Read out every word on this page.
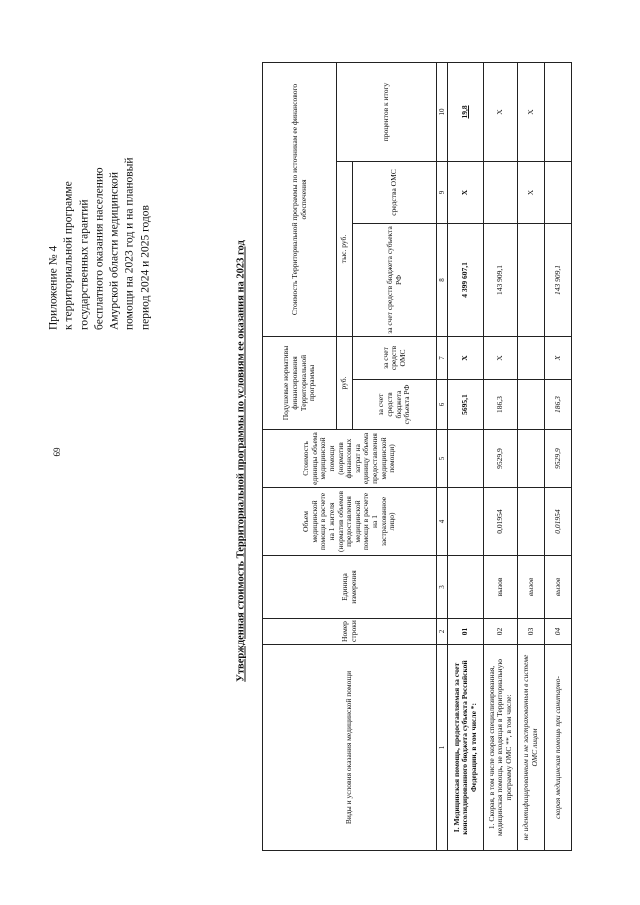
69
Приложение № 4 к территориальной программе государственных гарантий бесплатного оказания населению Амурской области медицинской помощи на 2023 год и на плановый период 2024 и 2025 годов	Утвержденная стоимость Территориальной программы по условиям ее оказания на 2023 год
Виды и условия оказания медицинской помощи	Номер строки	Единица измерения	Объем медицинской помощи в расчете на 1 жителя (норматив объемов предоставления медицинской помощи в расчете на 1 застрахованное лицо)	Стоимость единицы объема медицинской помощи (норматив финансовых затрат на единицу объема предоставления медицинской помощи)	Подушевые нормативы финансирования Территориальной программы		Стоимость Территориальной программы по источникам ее финансового обеспечения		
					руб.		тыс. руб.		процентов к итогу
					за счет средств бюджета субъекта РФ	за счет средств ОМС	за счет средств бюджета субъекта РФ	средства ОМС	
1	2	3	4	5	6	7	8	9	10
I. Медицинская помощь, предоставляемая за счет консолидированного бюджета субъекта Российской Федерации, в том числе *:	01				5695,1	Х	4 399 607,1	Х	19,8
1. Скорая, в том числе скорая специализированная, медицинская помощь, не входящая в Территориальную программу ОМС **, в том числе:	02	вызов	0,01954	9529,9	186,3	Х	143 909,1		Х
не идентифицированным и не застрахованным в системе ОМС лицам	03	вызов						Х	Х
скорая медицинская помощь при санитарно-	04	вызов	0,01954	9529,9	186,3	Х	143 909,1		
